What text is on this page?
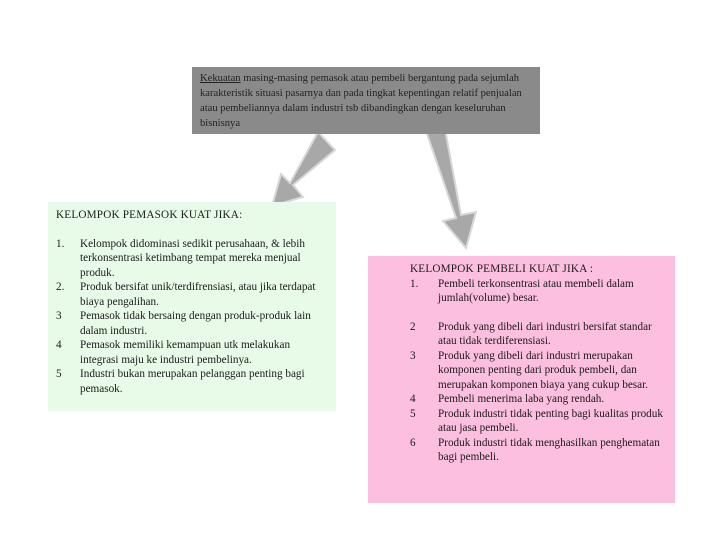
Kekuatan masing-masing pemasok atau pembeli bergantung pada sejumlah karakteristik situasi pasarnya dan pada tingkat kepentingan relatif penjualan atau pembeliannya dalam industri tsb dibandingkan dengan keseluruhan bisnisnya
KELOMPOK PEMASOK KUAT JIKA:
1.	Kelompok didominasi sedikit perusahaan, & lebih terkonsentrasi ketimbang tempat mereka menjual produk.
2.	Produk bersifat unik/terdifrensiasi, atau jika terdapat biaya pengalihan.
3	Pemasok tidak bersaing dengan produk-produk lain dalam industri.
4	Pemasok memiliki kemampuan utk melakukan integrasi maju ke industri pembelinya.
5	Industri bukan merupakan pelanggan penting bagi pemasok.
KELOMPOK PEMBELI KUAT JIKA :
1.	Pembeli terkonsentrasi atau membeli dalam jumlah(volume) besar.
2	Produk yang dibeli dari industri bersifat standar atau tidak terdiferensiasi.
3	Produk yang dibeli dari industri merupakan komponen penting dari produk pembeli, dan merupakan komponen biaya yang cukup besar.
4	Pembeli menerima laba yang rendah.
5	Produk industri tidak penting bagi kualitas produk atau jasa pembeli.
6	Produk industri tidak menghasilkan penghematan bagi pembeli.
